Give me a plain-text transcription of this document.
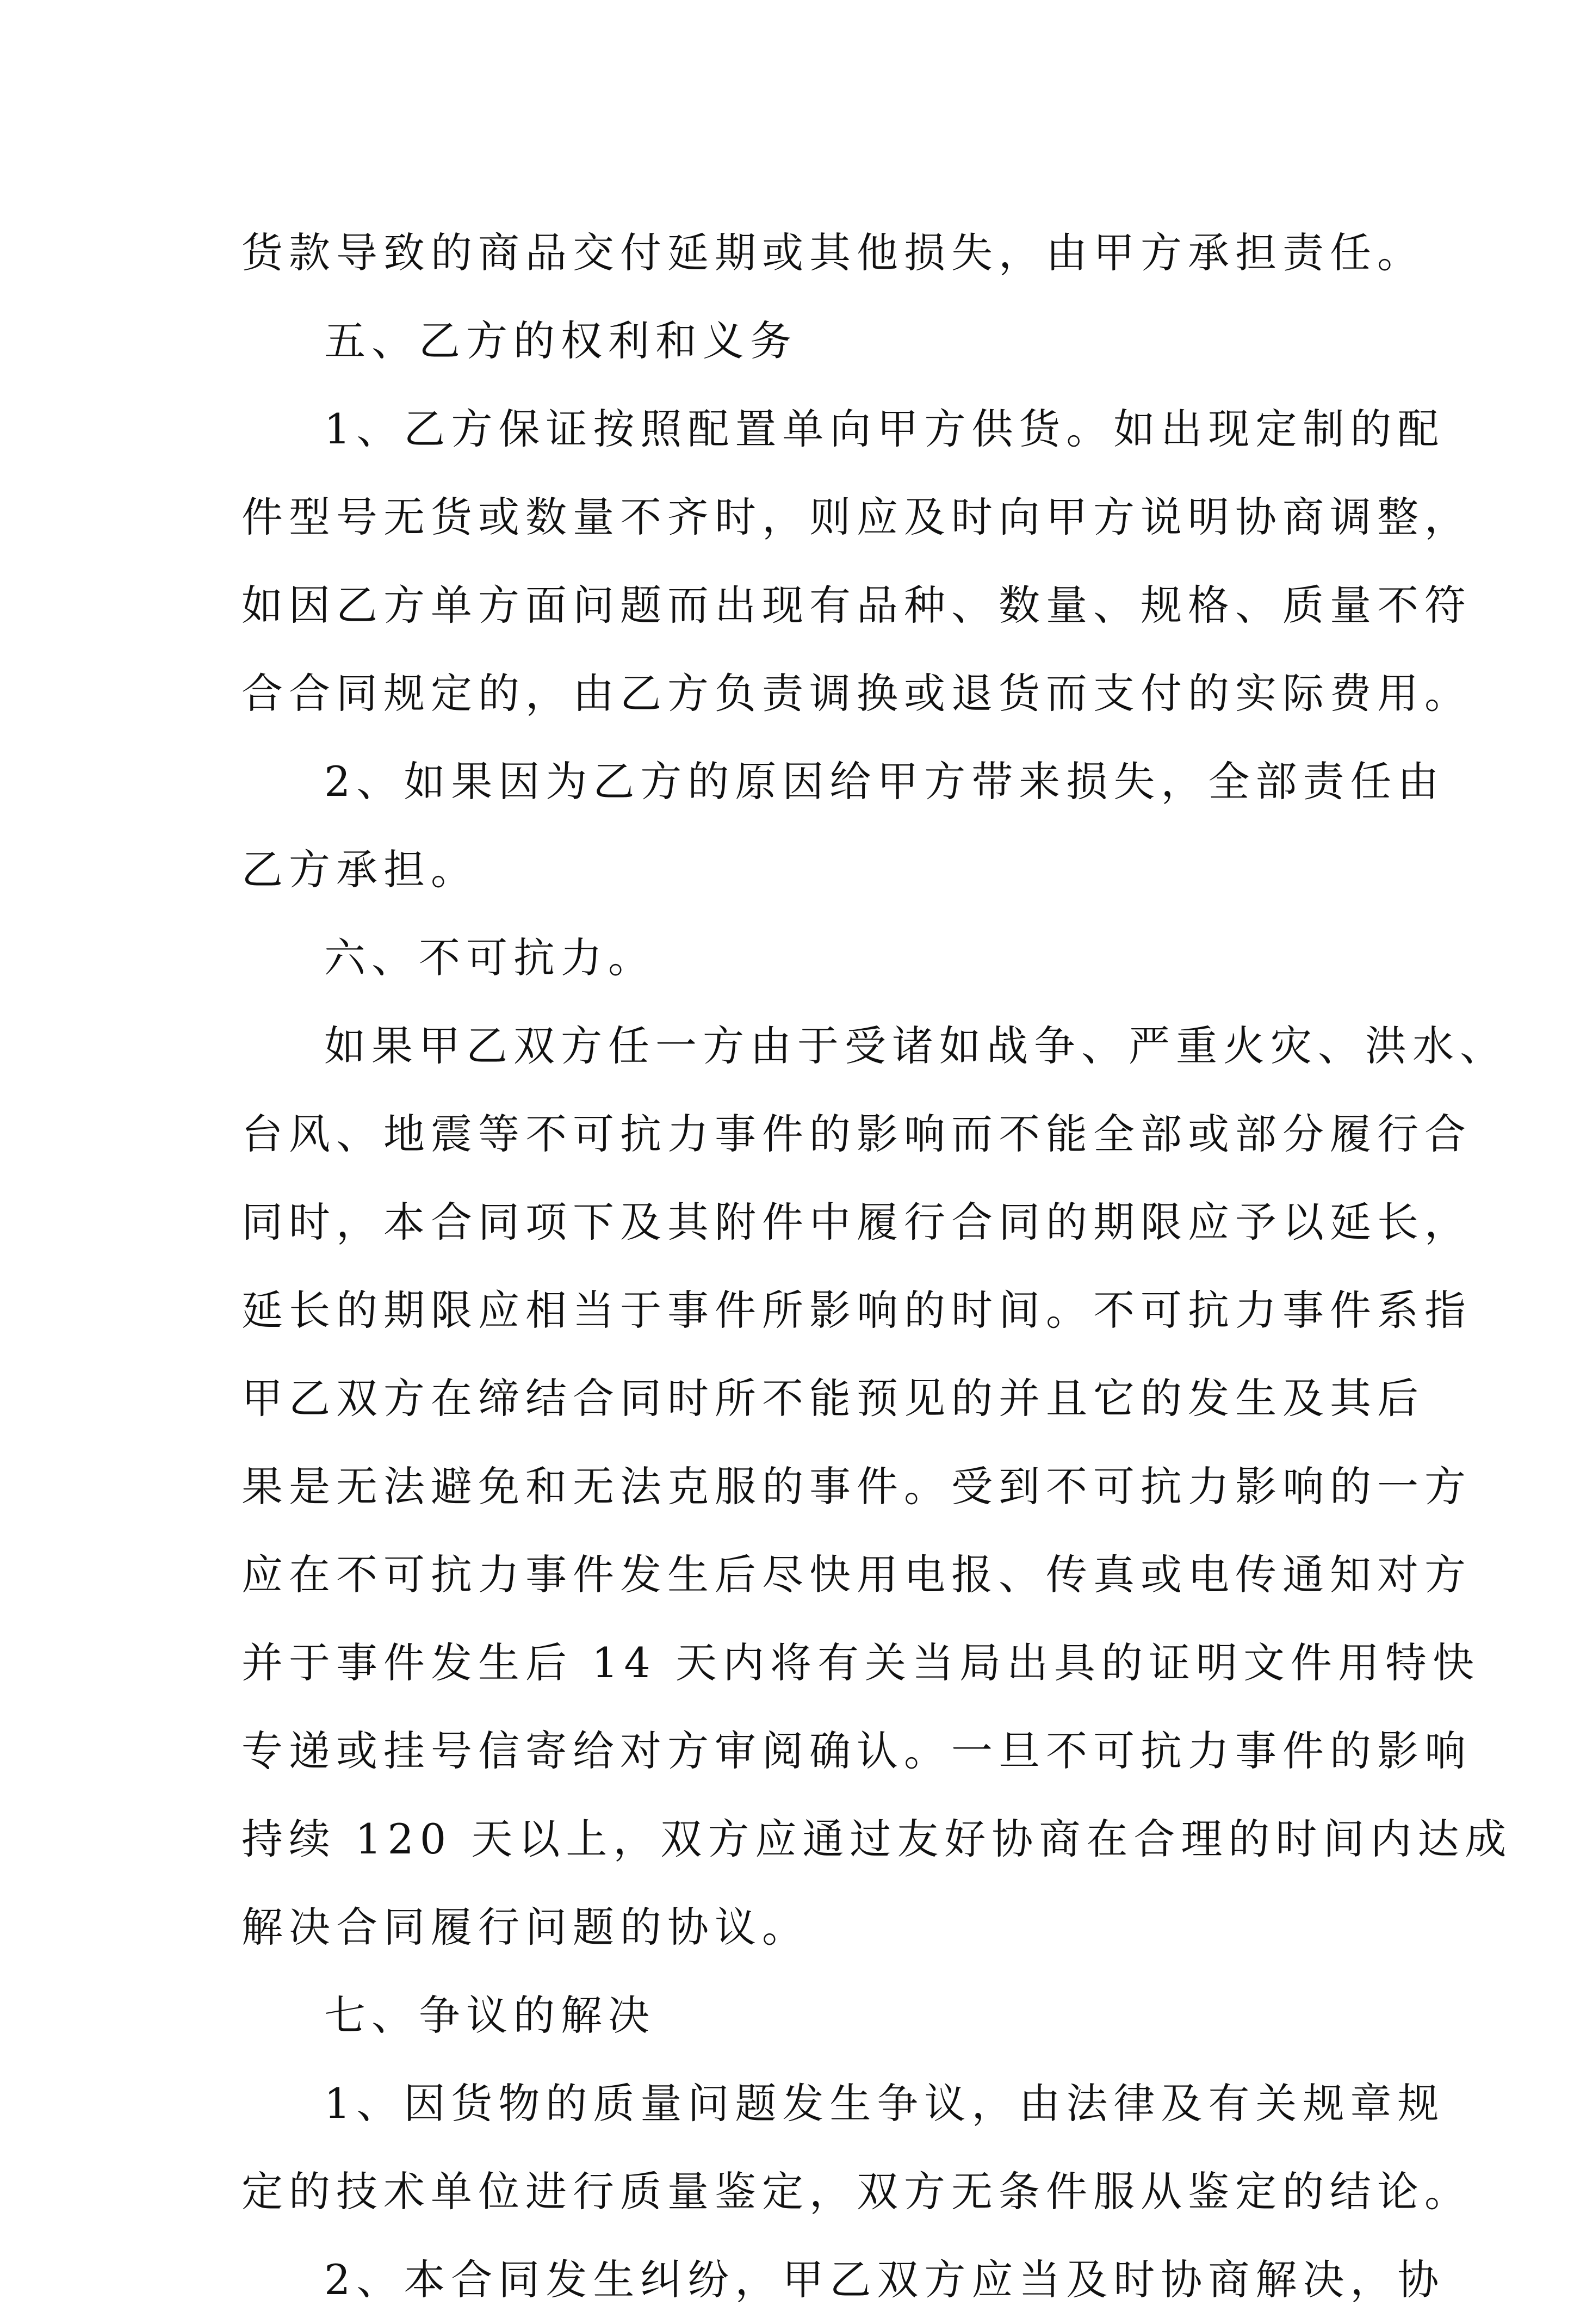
货款导致的商品交付延期或其他损失，由甲方承担责任。
五、乙方的权利和义务
1、乙方保证按照配置单向甲方供货。如出现定制的配
件型号无货或数量不齐时，则应及时向甲方说明协商调整，
如因乙方单方面问题而出现有品种、数量、规格、质量不符
合合同规定的，由乙方负责调换或退货而支付的实际费用。
2、如果因为乙方的原因给甲方带来损失，全部责任由
乙方承担。
六、不可抗力。
如果甲乙双方任一方由于受诸如战争、严重火灾、洪水、
台风、地震等不可抗力事件的影响而不能全部或部分履行合
同时，本合同项下及其附件中履行合同的期限应予以延长，
延长的期限应相当于事件所影响的时间。不可抗力事件系指
甲乙双方在缔结合同时所不能预见的并且它的发生及其后
果是无法避免和无法克服的事件。受到不可抗力影响的一方
应在不可抗力事件发生后尽快用电报、传真或电传通知对方
并于事件发生后 14 天内将有关当局出具的证明文件用特快
专递或挂号信寄给对方审阅确认。一旦不可抗力事件的影响
持续 120 天以上，双方应通过友好协商在合理的时间内达成
解决合同履行问题的协议。
七、争议的解决
1、因货物的质量问题发生争议，由法律及有关规章规
定的技术单位进行质量鉴定，双方无条件服从鉴定的结论。
2、本合同发生纠纷，甲乙双方应当及时协商解决，协
